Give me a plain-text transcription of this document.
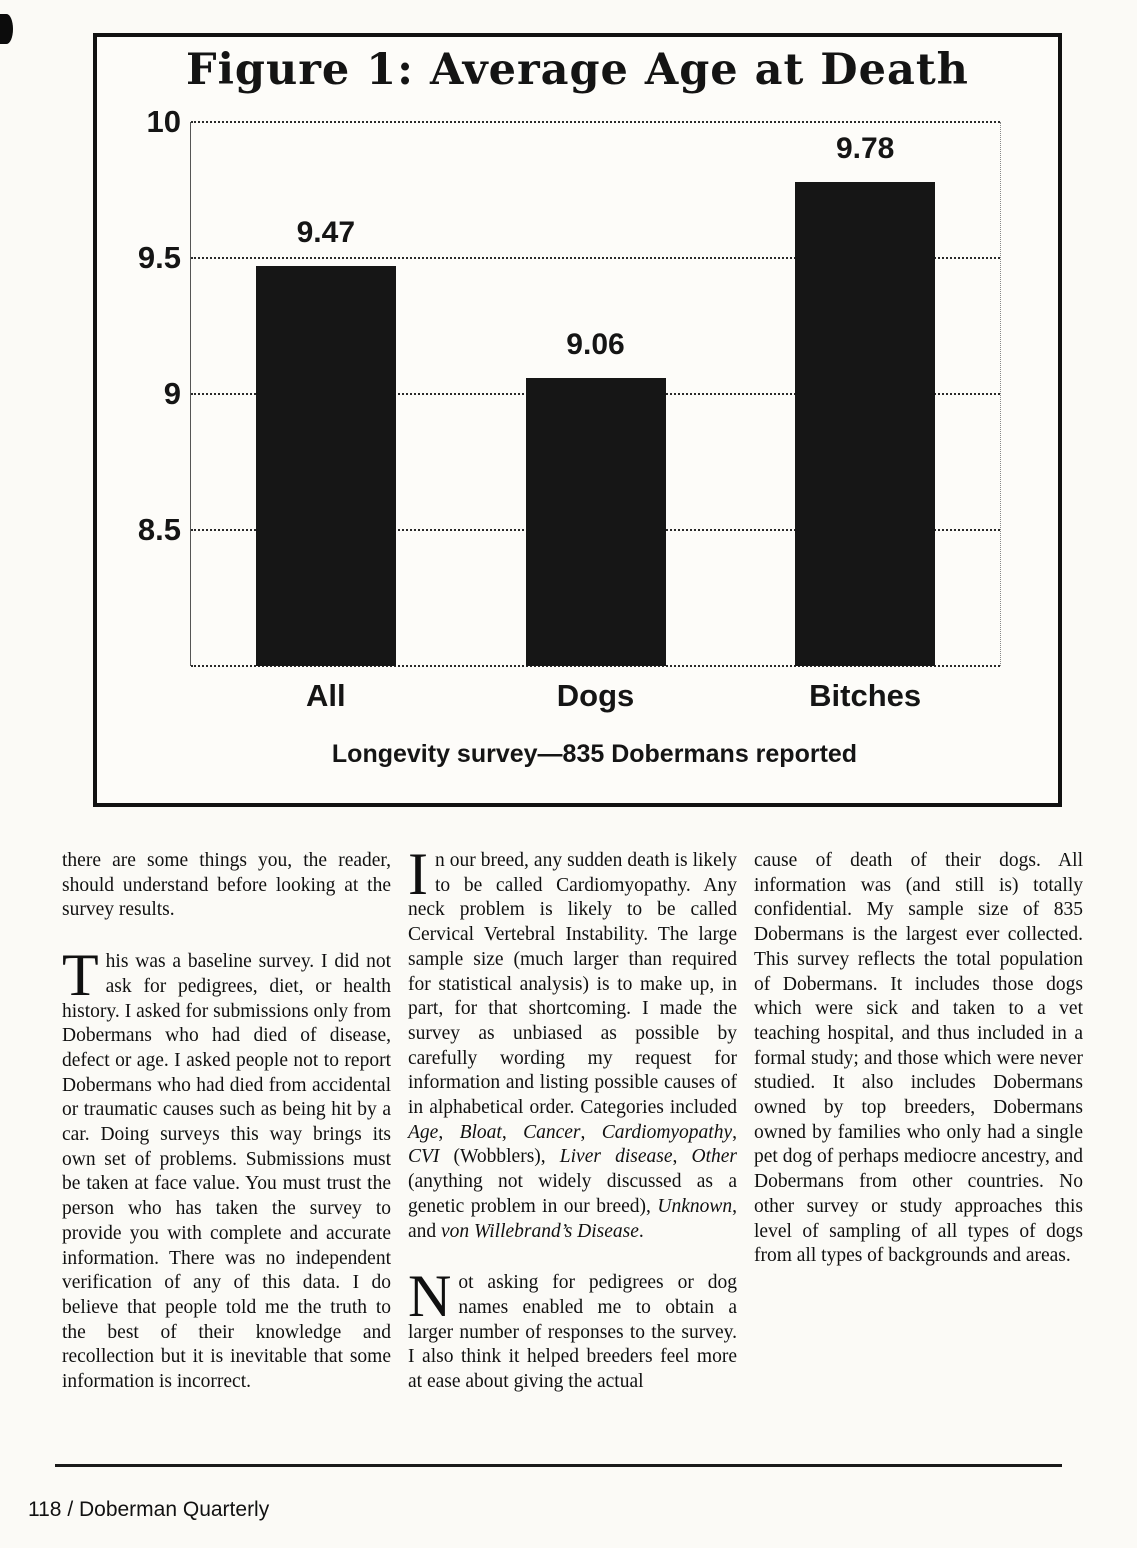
Figure 1: Average Age at Death
10
9.5
9
8.5
9.47
All
9.06
Dogs
9.78
Bitches
Longevity survey—835 Dobermans reported

there are some things you, the reader, should understand before looking at the survey results.

This was a baseline survey. I did not ask for pedigrees, diet, or health history. I asked for submissions only from Dobermans who had died of disease, defect or age. I asked people not to report Dobermans who had died from accidental or traumatic causes such as being hit by a car. Doing surveys this way brings its own set of problems. Submissions must be taken at face value. You must trust the person who has taken the survey to provide you with complete and accurate information. There was no independent verification of any of this data. I do believe that people told me the truth to the best of their knowledge and recollection but it is inevitable that some information is incorrect.

In our breed, any sudden death is likely to be called Cardiomyopathy. Any neck problem is likely to be called Cervical Vertebral Instability. The large sample size (much larger than required for statistical analysis) is to make up, in part, for that shortcoming. I made the survey as unbiased as possible by carefully wording my request for information and listing possible causes of in alphabetical order. Categories included Age, Bloat, Cancer, Cardiomyopathy, CVI (Wobblers), Liver disease, Other (anything not widely discussed as a genetic problem in our breed), Unknown, and von Willebrand’s Disease.

Not asking for pedigrees or dog names enabled me to obtain a larger number of responses to the survey. I also think it helped breeders feel more at ease about giving the actual

cause of death of their dogs. All information was (and still is) totally confidential. My sample size of 835 Dobermans is the largest ever collected. This survey reflects the total population of Dobermans. It includes those dogs which were sick and taken to a vet teaching hospital, and thus included in a formal study; and those which were never studied. It also includes Dobermans owned by top breeders, Dobermans owned by families who only had a single pet dog of perhaps mediocre ancestry, and Dobermans from other countries. No other survey or study approaches this level of sampling of all types of dogs from all types of backgrounds and areas.

118 / Doberman Quarterly
